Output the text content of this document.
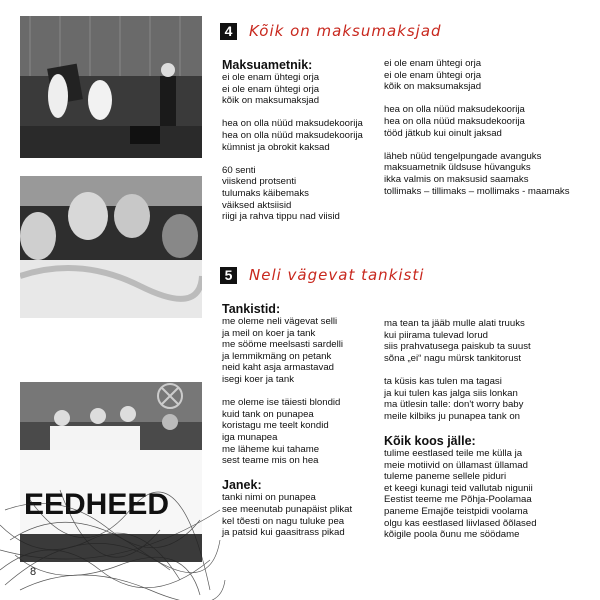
EEDHEED
8
4	Kõik on maksumaksjad
Maksuametnik:
ei ole enam ühtegi orja
ei ole enam ühtegi orja
kõik on maksumaksjad
hea on olla nüüd maksudekoorija
hea on olla nüüd maksudekoorija
kümnist ja obrokit kaksad
60 senti
viiskend protsenti
tulumaks käibemaks
väiksed aktsiisid
riigi ja rahva tippu nad viisid
ei ole enam ühtegi orja
ei ole enam ühtegi orja
kõik on maksumaksjad
hea on olla nüüd maksudekoorija
hea on olla nüüd maksudekoorija
tööd jätkub kui oinult jaksad
läheb nüüd tengelpungade avanguks
maksuametnik üldsuse hüvanguks
ikka valmis on maksusid saamaks
tollimaks – tillimaks – mollimaks - maamaks
5	Neli vägevat tankisti
Tankistid:
me oleme neli vägevat selli
ja meil on koer ja tank
me sööme meelsasti sardelli
ja lemmikmäng on petank
neid kaht asja armastavad
isegi koer ja tank
me oleme ise täiesti blondid
kuid tank on punapea
koristagu me teelt kondid
iga munapea
me läheme kui tahame
sest teame mis on hea
Janek:
tanki nimi on punapea
see meenutab punapäist plikat
kel tõesti on nagu tuluke pea
ja patsid kui gaasitrass pikad
ma tean ta jääb mulle alati truuks
kui piirama tulevad lorud
siis prahvatusega paiskub ta suust
sõna „ei“ nagu mürsk tankitorust
ta küsis kas tulen ma tagasi
ja kui tulen kas jalga siis lonkan
ma ütlesin talle: don't worry baby
meile kilbiks ju punapea tank on
Kõik koos jälle:
tulime eestlased teile me külla ja
meie motiivid on üllamast üllamad
tuleme paneme sellele piduri
et keegi kunagi teid vallutab nigunii
Eestist teeme me Põhja-Poolamaa
paneme Emajõe teistpidi voolama
olgu kas eestlased liivlased õõlased
kõigile poola õunu me söödame
